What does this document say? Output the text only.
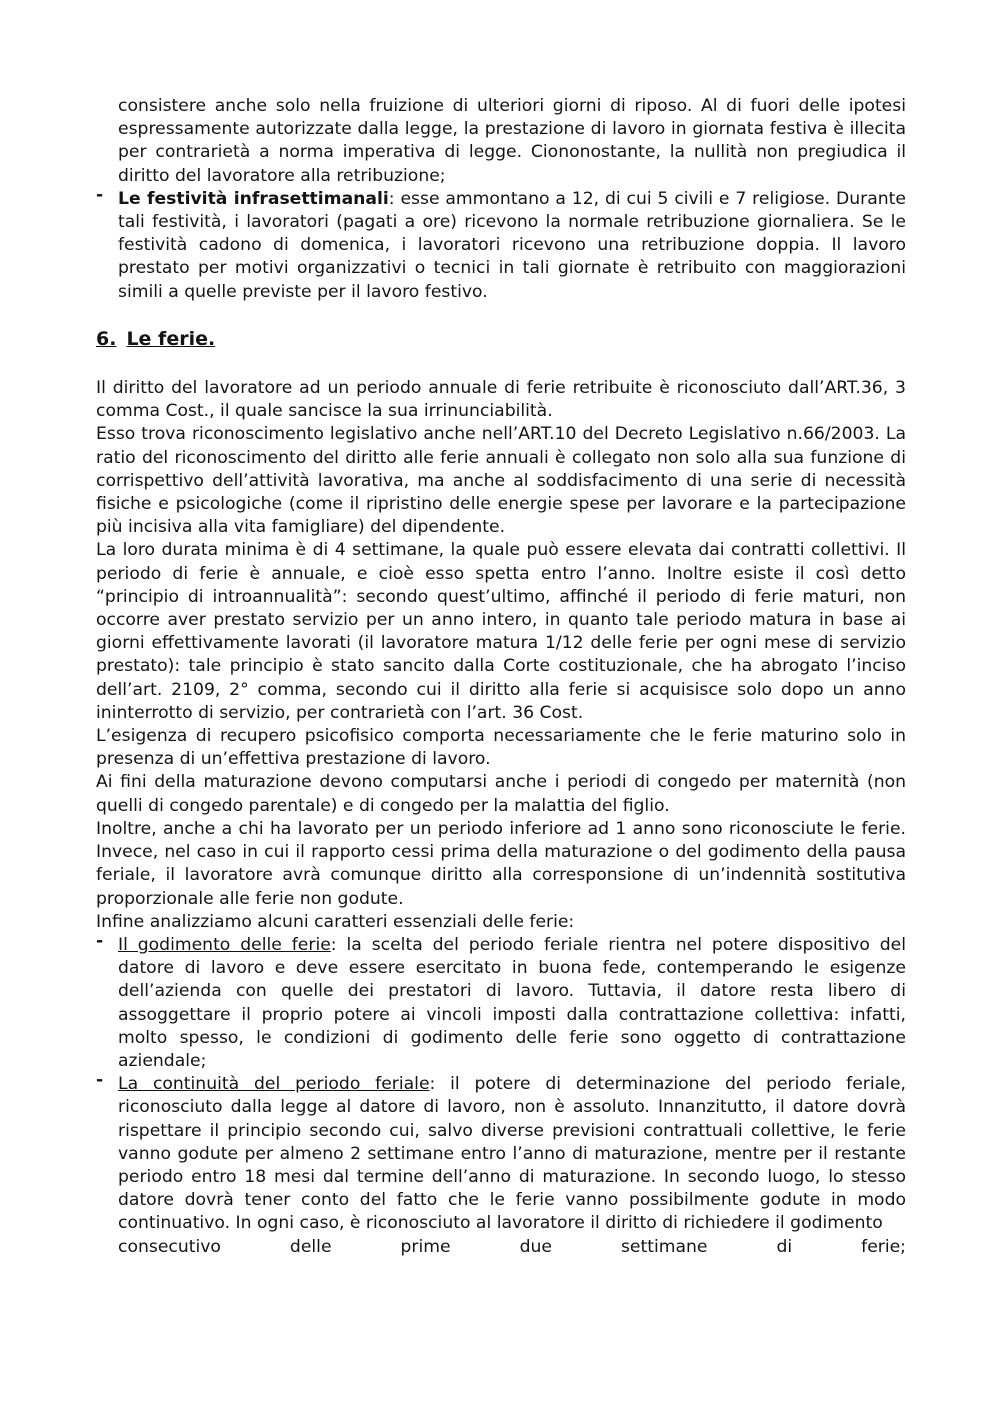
consistere anche solo nella fruizione di ulteriori giorni di riposo. Al di fuori delle ipotesi espressamente autorizzate dalla legge, la prestazione di lavoro in giornata festiva è illecita per contrarietà a norma imperativa di legge. Ciononostante, la nullità non pregiudica il diritto del lavoratore alla retribuzione;
- Le festività infrasettimanali: esse ammontano a 12, di cui 5 civili e 7 religiose. Durante tali festività, i lavoratori (pagati a ore) ricevono la normale retribuzione giornaliera. Se le festività cadono di domenica, i lavoratori ricevono una retribuzione doppia. Il lavoro prestato per motivi organizzativi o tecnici in tali giornate è retribuito con maggiorazioni simili a quelle previste per il lavoro festivo.
6. Le ferie.
Il diritto del lavoratore ad un periodo annuale di ferie retribuite è riconosciuto dall’ART.36, 3 comma Cost., il quale sancisce la sua irrinunciabilità.
Esso trova riconoscimento legislativo anche nell’ART.10 del Decreto Legislativo n.66/2003. La ratio del riconoscimento del diritto alle ferie annuali è collegato non solo alla sua funzione di corrispettivo dell’attività lavorativa, ma anche al soddisfacimento di una serie di necessità fisiche e psicologiche (come il ripristino delle energie spese per lavorare e la partecipazione più incisiva alla vita famigliare) del dipendente.
La loro durata minima è di 4 settimane, la quale può essere elevata dai contratti collettivi. Il periodo di ferie è annuale, e cioè esso spetta entro l’anno. Inoltre esiste il così detto “principio di introannualità”: secondo quest’ultimo, affinché il periodo di ferie maturi, non occorre aver prestato servizio per un anno intero, in quanto tale periodo matura in base ai giorni effettivamente lavorati (il lavoratore matura 1/12 delle ferie per ogni mese di servizio prestato): tale principio è stato sancito dalla Corte costituzionale, che ha abrogato l’inciso dell’art. 2109, 2° comma, secondo cui il diritto alla ferie si acquisisce solo dopo un anno ininterrotto di servizio, per contrarietà con l’art. 36 Cost.
L’esigenza di recupero psicofisico comporta necessariamente che le ferie maturino solo in presenza di un’effettiva prestazione di lavoro.
Ai fini della maturazione devono computarsi anche i periodi di congedo per maternità (non quelli di congedo parentale) e di congedo per la malattia del figlio.
Inoltre, anche a chi ha lavorato per un periodo inferiore ad 1 anno sono riconosciute le ferie. Invece, nel caso in cui il rapporto cessi prima della maturazione o del godimento della pausa feriale, il lavoratore avrà comunque diritto alla corresponsione di un’indennità sostitutiva proporzionale alle ferie non godute.
Infine analizziamo alcuni caratteri essenziali delle ferie:
- Il godimento delle ferie: la scelta del periodo feriale rientra nel potere dispositivo del datore di lavoro e deve essere esercitato in buona fede, contemperando le esigenze dell’azienda con quelle dei prestatori di lavoro. Tuttavia, il datore resta libero di assoggettare il proprio potere ai vincoli imposti dalla contrattazione collettiva: infatti, molto spesso, le condizioni di godimento delle ferie sono oggetto di contrattazione aziendale;
- La continuità del periodo feriale: il potere di determinazione del periodo feriale, riconosciuto dalla legge al datore di lavoro, non è assoluto. Innanzitutto, il datore dovrà rispettare il principio secondo cui, salvo diverse previsioni contrattuali collettive, le ferie vanno godute per almeno 2 settimane entro l’anno di maturazione, mentre per il restante periodo entro 18 mesi dal termine dell’anno di maturazione. In secondo luogo, lo stesso datore dovrà tener conto del fatto che le ferie vanno possibilmente godute in modo continuativo. In ogni caso, è riconosciuto al lavoratore il diritto di richiedere il godimento
consecutivo	delle	prime	due	settimane	di	ferie;
